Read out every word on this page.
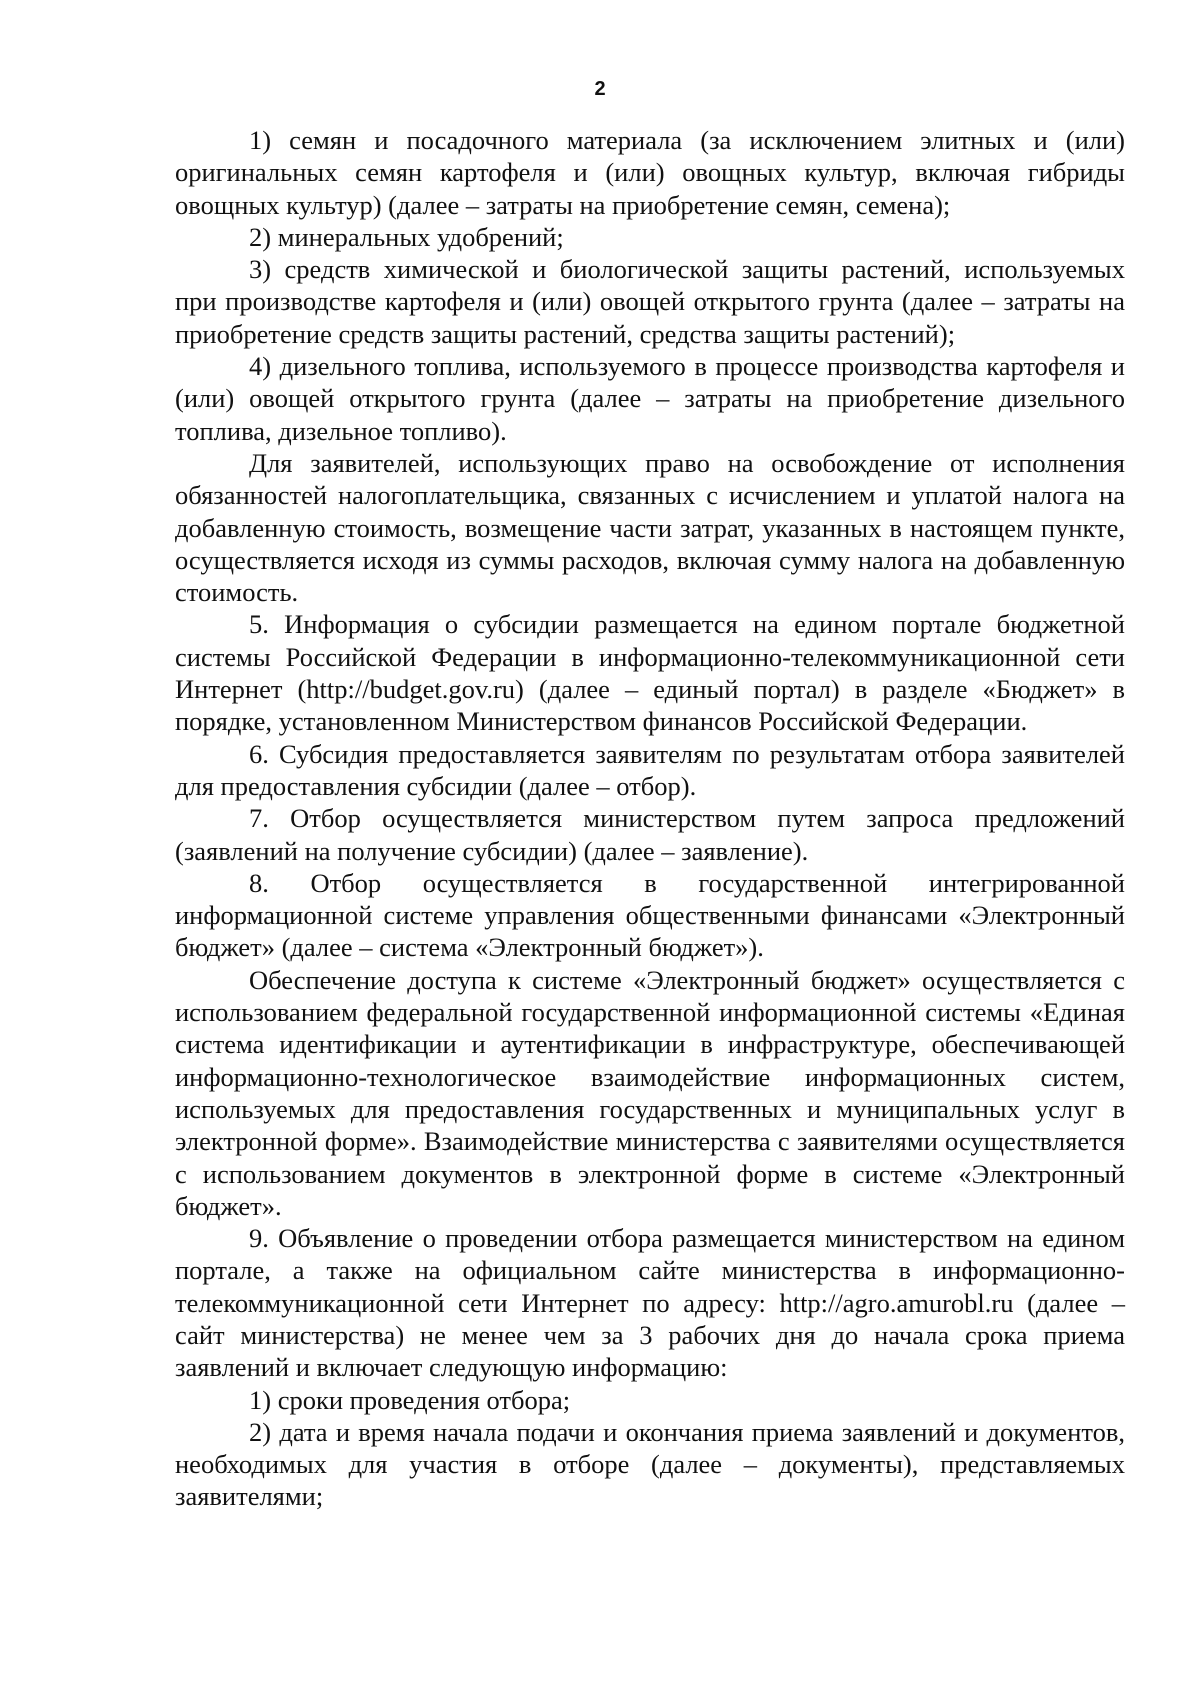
2

1) семян и посадочного материала (за исключением элитных и (или) оригинальных семян картофеля и (или) овощных культур, включая гибриды овощных культур) (далее – затраты на приобретение семян, семена);

2) минеральных удобрений;

3) средств химической и биологической защиты растений, используемых при производстве картофеля и (или) овощей открытого грунта (далее – затраты на приобретение средств защиты растений, средства защиты растений);

4) дизельного топлива, используемого в процессе производства картофеля и (или) овощей открытого грунта (далее – затраты на приобретение дизельного топлива, дизельное топливо).

Для заявителей, использующих право на освобождение от исполнения обязанностей налогоплательщика, связанных с исчислением и уплатой налога на добавленную стоимость, возмещение части затрат, указанных в настоящем пункте, осуществляется исходя из суммы расходов, включая сумму налога на добавленную стоимость.

5. Информация о субсидии размещается на едином портале бюджетной системы Российской Федерации в информационно-телекоммуникационной сети Интернет (http://budget.gov.ru) (далее – единый портал) в разделе «Бюджет» в порядке, установленном Министерством финансов Российской Федерации.

6. Субсидия предоставляется заявителям по результатам отбора заявителей для предоставления субсидии (далее – отбор).

7. Отбор осуществляется министерством путем запроса предложений (заявлений на получение субсидии) (далее – заявление).

8. Отбор осуществляется в государственной интегрированной информационной системе управления общественными финансами «Электронный бюджет» (далее – система «Электронный бюджет»).

Обеспечение доступа к системе «Электронный бюджет» осуществляется с использованием федеральной государственной информационной системы «Единая система идентификации и аутентификации в инфраструктуре, обеспечивающей информационно-технологическое взаимодействие информационных систем, используемых для предоставления государственных и муниципальных услуг в электронной форме». Взаимодействие министерства с заявителями осуществляется с использованием документов в электронной форме в системе «Электронный бюджет».

9. Объявление о проведении отбора размещается министерством на едином портале, а также на официальном сайте министерства в информационно-телекоммуникационной сети Интернет по адресу: http://agro.amurobl.ru (далее – сайт министерства) не менее чем за 3 рабочих дня до начала срока приема заявлений и включает следующую информацию:

1) сроки проведения отбора;

2) дата и время начала подачи и окончания приема заявлений и документов, необходимых для участия в отборе (далее – документы), представляемых заявителями;
